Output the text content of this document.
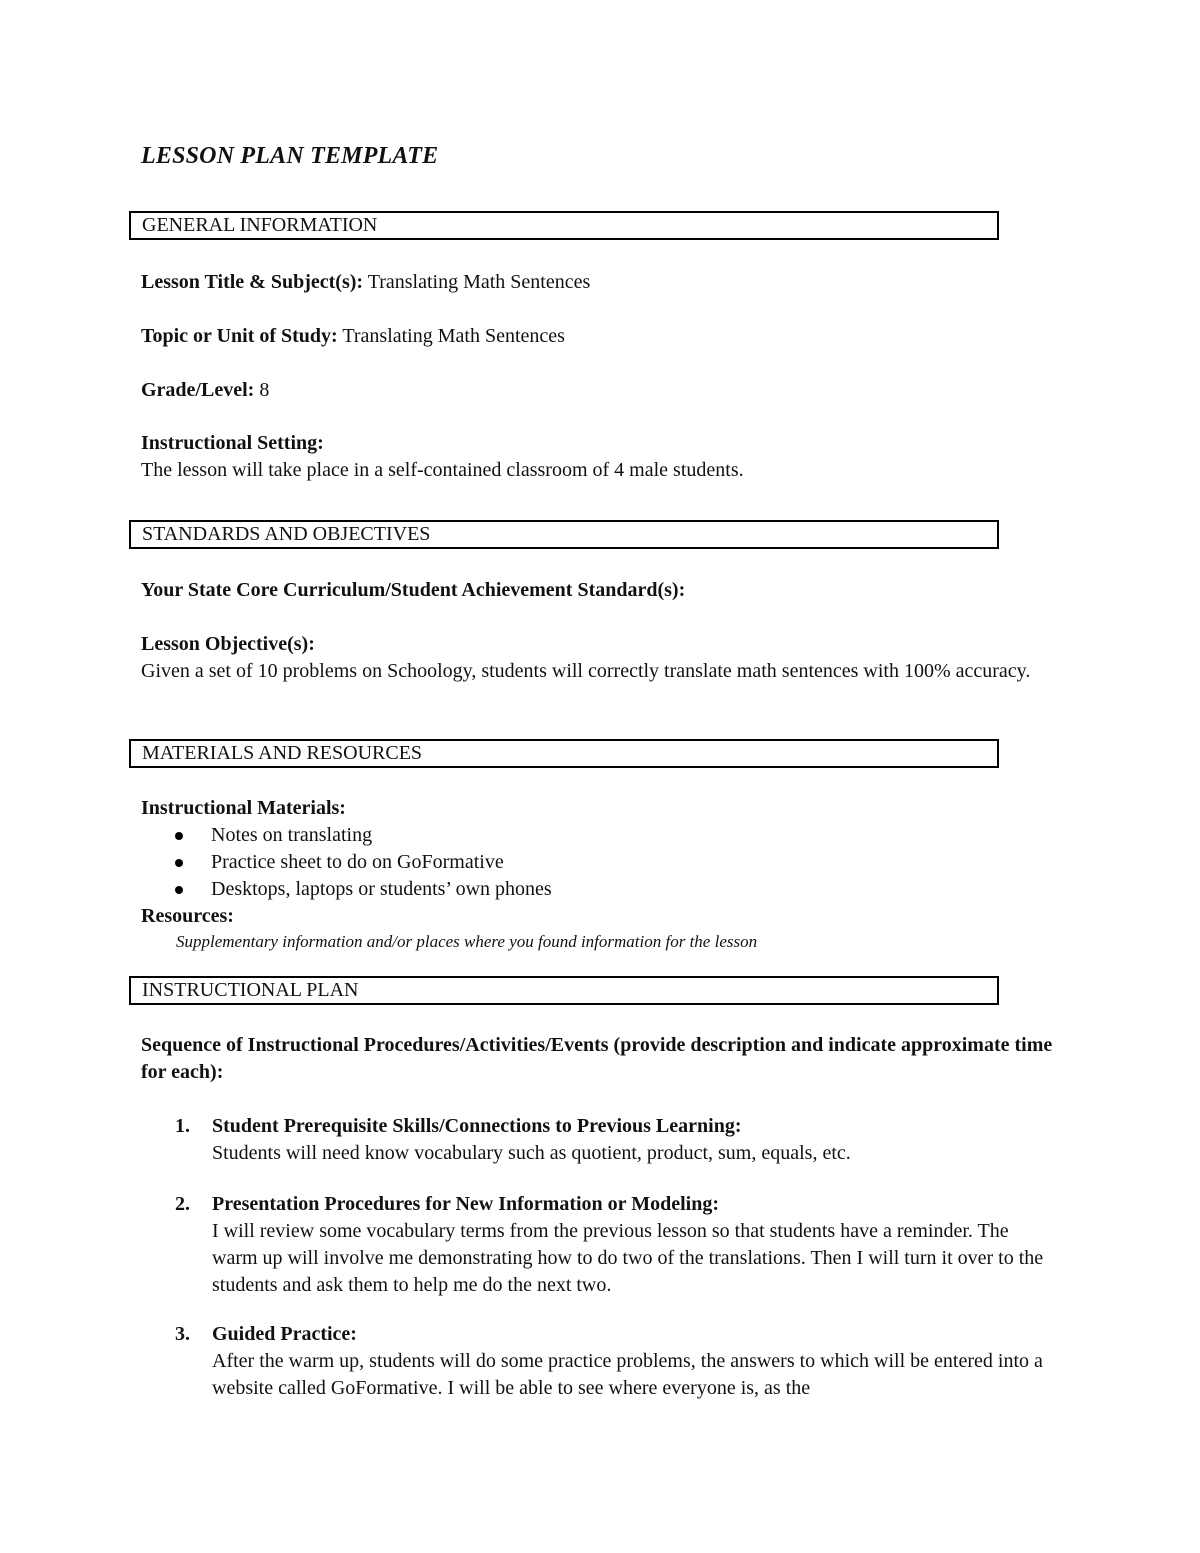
LESSON PLAN TEMPLATE
GENERAL INFORMATION
Lesson Title & Subject(s): Translating Math Sentences
Topic or Unit of Study: Translating Math Sentences
Grade/Level: 8
Instructional Setting:
The lesson will take place in a self-contained classroom of 4 male students.
STANDARDS AND OBJECTIVES
Your State Core Curriculum/Student Achievement Standard(s):
Lesson Objective(s):
Given a set of 10 problems on Schoology, students will correctly translate math sentences with 100% accuracy.
MATERIALS AND RESOURCES
Instructional Materials:
Notes on translating
Practice sheet to do on GoFormative
Desktops, laptops or students’ own phones
Resources:
Supplementary information and/or places where you found information for the lesson
INSTRUCTIONAL PLAN
Sequence of Instructional Procedures/Activities/Events (provide description and indicate approximate time for each):
1. Student Prerequisite Skills/Connections to Previous Learning:
Students will need know vocabulary such as quotient, product, sum, equals, etc.
2. Presentation Procedures for New Information or Modeling:
I will review some vocabulary terms from the previous lesson so that students have a reminder. The warm up will involve me demonstrating how to do two of the translations. Then I will turn it over to the students and ask them to help me do the next two.
3. Guided Practice:
After the warm up, students will do some practice problems, the answers to which will be entered into a website called GoFormative. I will be able to see where everyone is, as the
